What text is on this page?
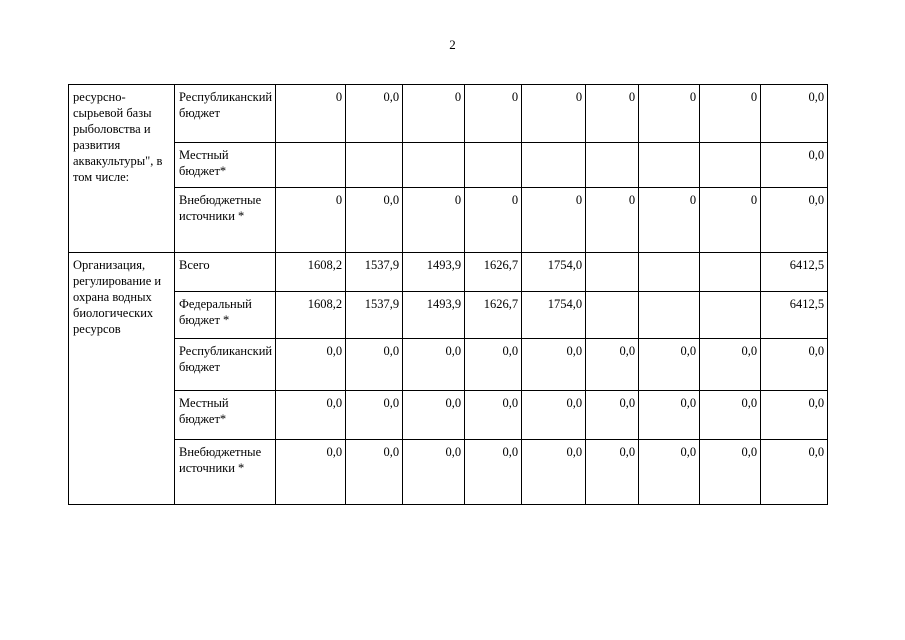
2
ресурсно-сырьевой базы рыболовства и развития аквакультуры", в том числе:	Республиканский бюджет	0	0,0	0	0	0	0	0	0	0,0
	Местный бюджет*									0,0
	Внебюджетные источники *	0	0,0	0	0	0	0	0	0	0,0
Организация, регулирование и охрана водных биологических ресурсов	Всего	1608,2	1537,9	1493,9	1626,7	1754,0				6412,5
	Федеральный бюджет *	1608,2	1537,9	1493,9	1626,7	1754,0				6412,5
	Республиканский бюджет	0,0	0,0	0,0	0,0	0,0	0,0	0,0	0,0	0,0
	Местный бюджет*	0,0	0,0	0,0	0,0	0,0	0,0	0,0	0,0	0,0
	Внебюджетные источники *	0,0	0,0	0,0	0,0	0,0	0,0	0,0	0,0	0,0
